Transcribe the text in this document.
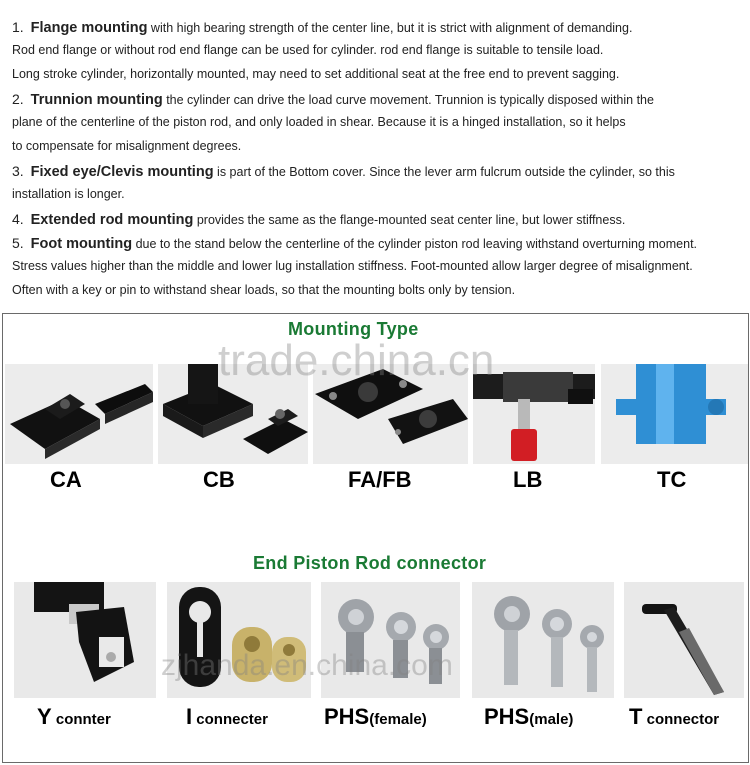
1. Flange mounting with high bearing strength of the center line, but it is strict with alignment of demanding.
Rod end flange or without rod end flange can be used for cylinder. rod end flange is suitable to tensile load.
Long stroke cylinder, horizontally mounted, may need to set additional seat at the free end to prevent sagging.
2. Trunnion mounting the cylinder can drive the load curve movement. Trunnion is typically disposed within the
plane of the centerline of the piston rod, and only loaded in shear. Because it is a hinged installation, so it helps
to compensate for misalignment degrees.
3. Fixed eye/Clevis mounting is part of the Bottom cover. Since the lever arm fulcrum outside the cylinder, so this
installation is longer.
4. Extended rod mounting provides the same as the flange-mounted seat center line, but lower stiffness.
5. Foot mounting due to the stand below the centerline of the cylinder piston rod leaving withstand overturning moment.
Stress values higher than the middle and lower lug installation stiffness. Foot-mounted allow larger degree of misalignment.
Often with a key or pin to withstand shear loads, so that the mounting bolts only by tension.
Mounting Type
CA	CB	FA/FB	LB	TC
End Piston Rod connector
Y connter	I connecter	PHS(female)	PHS(male)	T connector
trade.china.cn
zjhanda.en.china.com
